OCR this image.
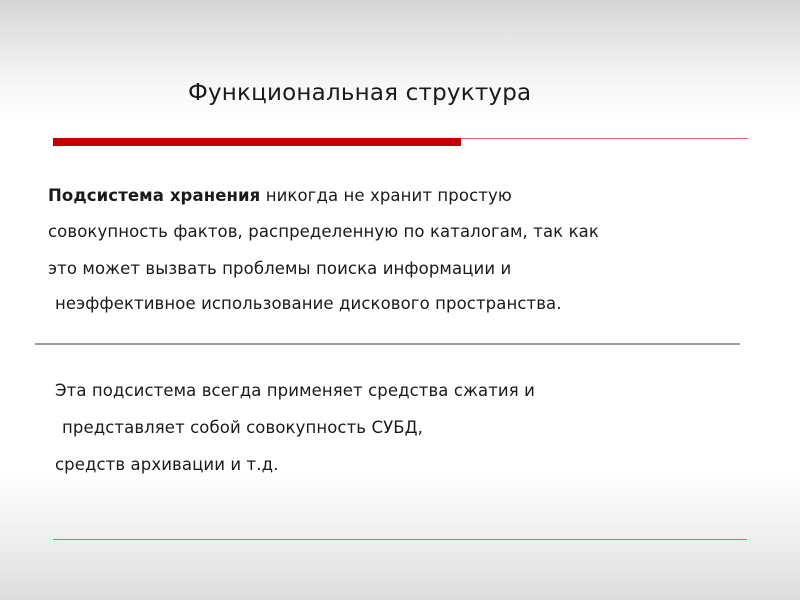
Функциональная структура
Подсистема хранения никогда не хранит простую
совокупность фактов, распределенную по каталогам, так как
это может вызвать проблемы поиска информации и
неэффективное использование дискового пространства.
Эта подсистема всегда применяет средства сжатия и
представляет собой совокупность СУБД,
средств архивации и т.д.
